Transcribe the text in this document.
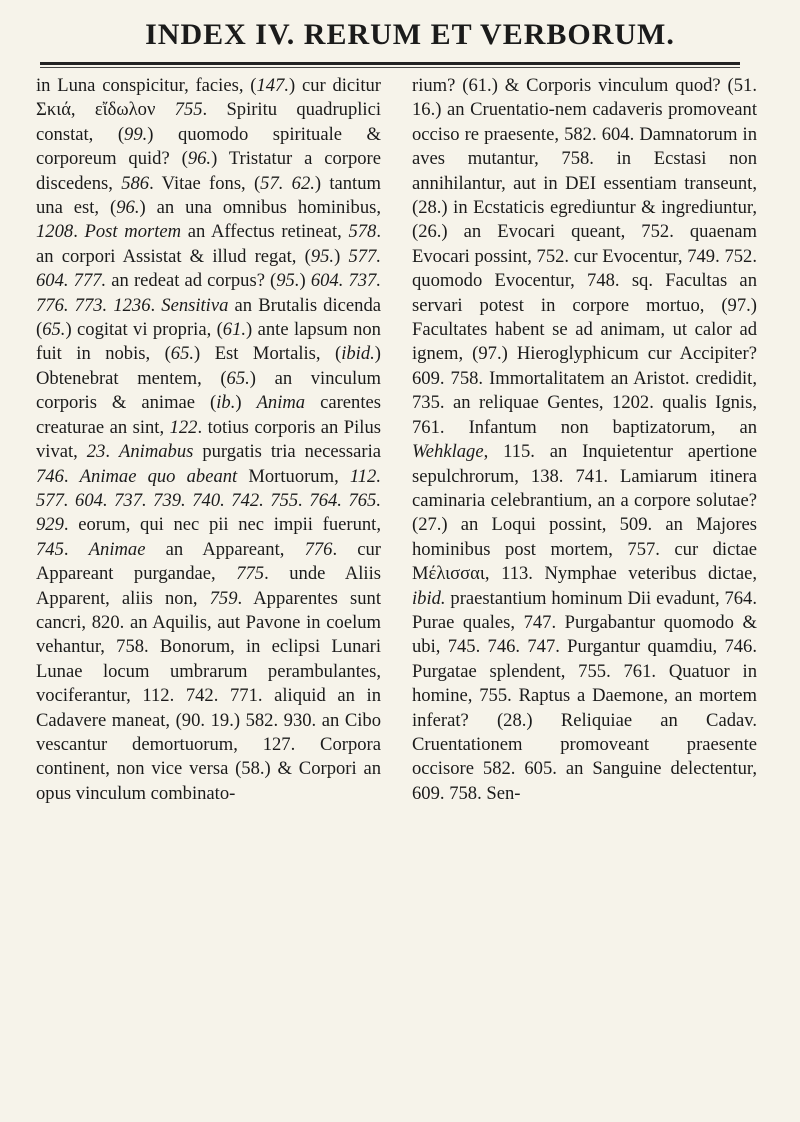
INDEX IV. RERUM ET VERBORUM.

in Luna conspicitur, facies, (147.) cur dicitur Σκιά, εἴδωλον 755. Spiritu quadruplici constat, (99.) quomodo spirituale & corporeum quid? (96.) Tristatur a corpore discedens, 586. Vitae fons, (57. 62.) tantum una est, (96.) an una omnibus hominibus, 1208. Post mortem an Affectus retineat, 578. an corpori Assistat & illud regat, (95.) 577. 604. 777. an redeat ad corpus? (95.) 604. 737. 776. 773. 1236. Sensitiva an Brutalis dicenda (65.) cogitat vi propria, (61.) ante lapsum non fuit in nobis, (65.) Est Mortalis, (ibid.) Obtenebrat mentem, (65.) an vinculum corporis & animae (ib.) Anima carentes creaturae an sint, 122. totius corporis an Pilus vivat, 23. Animabus purgatis tria necessaria 746. Animae quo abeant Mortuorum, 112. 577. 604. 737. 739. 740. 742. 755. 764. 765. 929. eorum, qui nec pii nec impii fuerunt, 745. Animae an Appareant, 776. cur Appareant purgandae, 775. unde Aliis Apparent, aliis non, 759. Apparentes sunt cancri, 820. an Aquilis, aut Pavone in coelum vehantur, 758. Bonorum, in eclipsi Lunari Lunae locum umbrarum perambulantes, vociferantur, 112. 742. 771. aliquid an in Cadavere maneat, (90. 19.) 582. 930. an Cibo vescantur demortuorum, 127. Corpora continent, non vice versa (58.) & Corpori an opus vinculum combinato-

rium? (61.) & Corporis vinculum quod? (51. 16.) an Cruentatio-nem cadaveris promoveant occiso re praesente, 582. 604. Damnatorum in aves mutantur, 758. in Ecstasi non annihilantur, aut in DEI essentiam transeunt, (28.) in Ecstaticis egrediuntur & ingrediuntur, (26.) an Evocari queant, 752. quaenam Evocari possint, 752. cur Evocentur, 749. 752. quomodo Evocentur, 748. sq. Facultas an servari potest in corpore mortuo, (97.) Facultates habent se ad animam, ut calor ad ignem, (97.) Hieroglyphicum cur Accipiter? 609. 758. Immortalitatem an Aristot. credidit, 735. an reliquae Gentes, 1202. qualis Ignis, 761. Infantum non baptizatorum, an Wehklage, 115. an Inquietentur apertione sepulchrorum, 138. 741. Lamiarum itinera caminaria celebrantium, an a corpore solutae? (27.) an Loqui possint, 509. an Majores hominibus post mortem, 757. cur dictae Μέλισσαι, 113. Nymphae veteribus dictae, ibid. praestantium hominum Dii evadunt, 764. Purae quales, 747. Purgabantur quomodo & ubi, 745. 746. 747. Purgantur quamdiu, 746. Purgatae splendent, 755. 761. Quatuor in homine, 755. Raptus a Daemone, an mortem inferat? (28.) Reliquiae an Cadav. Cruentationem promoveant praesente occisore 582. 605. an Sanguine delectentur, 609. 758. Sen-
